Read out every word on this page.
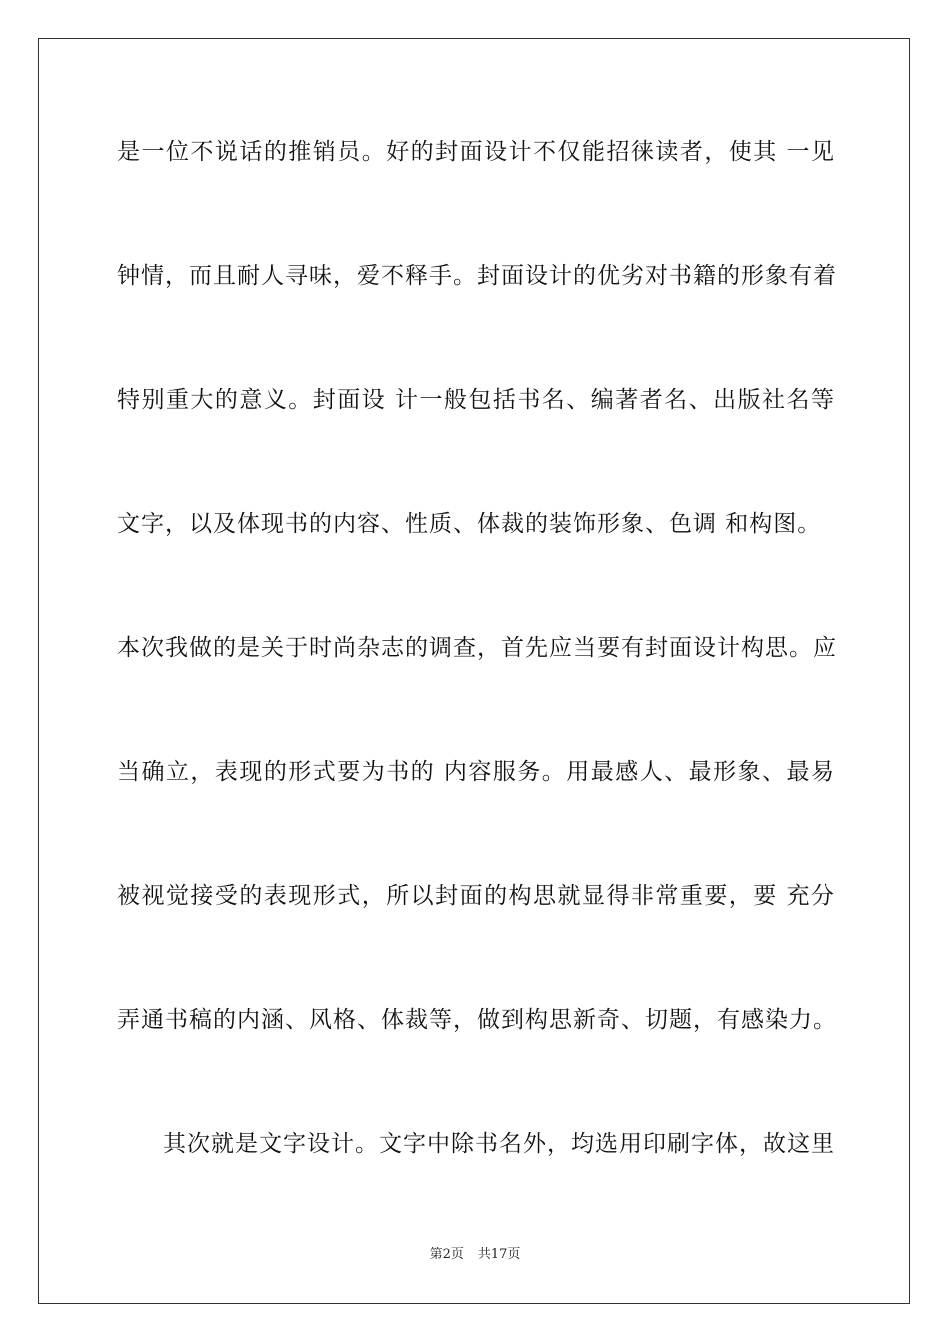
是一位不说话的推销员。好的封面设计不仅能招徕读者，使其 一见
钟情，而且耐人寻味，爱不释手。封面设计的优劣对书籍的形象有着
特别重大的意义。封面设 计一般包括书名、编著者名、出版社名等
文字，以及体现书的内容、性质、体裁的装饰形象、色调 和构图。
本次我做的是关于时尚杂志的调查，首先应当要有封面设计构思。应
当确立，表现的形式要为书的 内容服务。用最感人、最形象、最易
被视觉接受的表现形式，所以封面的构思就显得非常重要，要 充分
弄通书稿的内涵、风格、体裁等，做到构思新奇、切题，有感染力。
其次就是文字设计。文字中除书名外，均选用印刷字体，故这里
第2页 共17页
